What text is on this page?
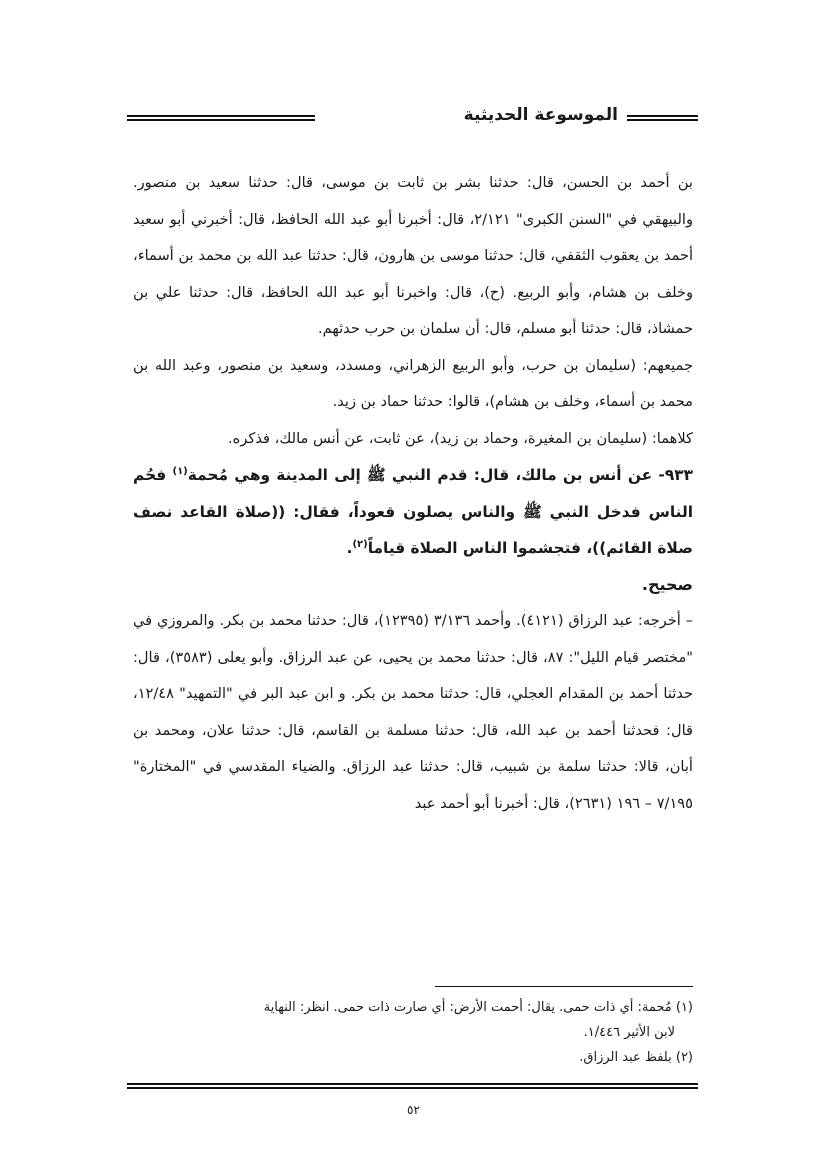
الموسوعة الحديثية

بن أحمد بن الحسن، قال: حدثنا بشر بن ثابت بن موسى، قال: حدثنا سعيد بن منصور. والبيهقي في "السنن الكبرى" ٢/١٢١، قال: أخبرنا أبو عبد الله الحافظ، قال: أخبرني أبو سعيد أحمد بن يعقوب الثقفي، قال: حدثنا موسى بن هارون، قال: حدثنا عبد الله بن محمد بن أسماء، وخلف بن هشام، وأبو الربيع. (ح)، قال: واخبرنا أبو عبد الله الحافظ، قال: حدثنا علي بن حمشاذ، قال: حدثنا أبو مسلم، قال: أن سلمان بن حرب حدثهم.

جميعهم: (سليمان بن حرب، وأبو الربيع الزهراني، ومسدد، وسعيد بن منصور، وعبد الله بن محمد بن أسماء، وخلف بن هشام)، قالوا: حدثنا حماد بن زيد.

كلاهما: (سليمان بن المغيرة، وحماد بن زيد)، عن ثابت، عن أنس مالك، فذكره.

٩٣٣- عن أنس بن مالك، قال: قدم النبي ﷺ إلى المدينة وهي مُحمة$^{(١)}$ فحُم الناس فدخل النبي ﷺ والناس يصلون قعوداً، فقال: ((صلاة القاعد نصف صلاة القائم))، فتجشموا الناس الصلاة قياماً$^{(٢)}$.

صحيح.

– أخرجه: عبد الرزاق (٤١٢١). وأحمد ٣/١٣٦ (١٢٣٩٥)، قال: حدثنا محمد بن بكر. والمروزي في "مختصر قيام الليل": ٨٧، قال: حدثنا محمد بن يحيى، عن عبد الرزاق. وأبو يعلى (٣٥٨٣)، قال: حدثنا أحمد بن المقدام العجلي، قال: حدثنا محمد بن بكر. و ابن عبد البر في "التمهيد" ١٢/٤٨، قال: فحدثنا أحمد بن عبد الله، قال: حدثنا مسلمة بن القاسم، قال: حدثنا علان، ومحمد بن أبان، قالا: حدثنا سلمة بن شبيب، قال: حدثنا عبد الرزاق. والضياء المقدسي في "المختارة" ٧/١٩٥ – ١٩٦ (٢٦٣١)، قال: أخبرنا أبو أحمد عبد

(١) مُحمة: أي ذات حمى. يقال: أحمت الأرض: أي صارت ذات حمى. انظر: النهاية

لابن الأثير ١/٤٤٦.

(٢) بلفظ عبد الرزاق.

٥٢
